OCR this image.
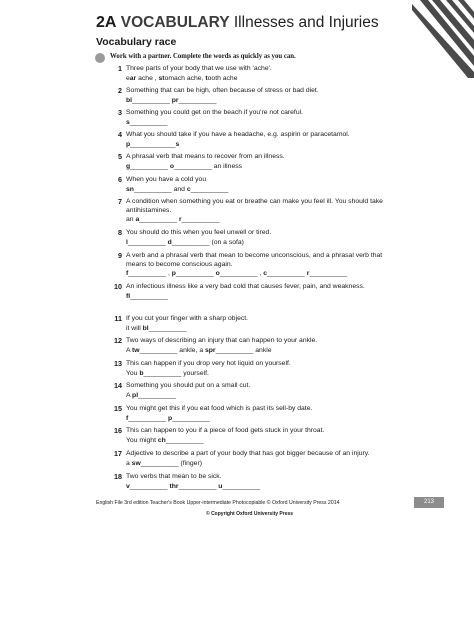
2A VOCABULARY Illnesses and Injuries
Vocabulary race
Work with a partner. Complete the words as quickly as you can.
1 Three parts of your body that we use with 'ache'.
ear ache , stomach ache, tooth ache
2 Something that can be high, often because of stress or bad diet.
bl__________ pr__________
3 Something you could get on the beach if you're not careful.
s__________
4 What you should take if you have a headache, e.g. aspirin or paracetamol.
p____________s
5 A phrasal verb that means to recover from an illness.
g__________ o__________ an illness
6 When you have a cold you
sn__________ and c__________
7 A condition when something you eat or breathe can make you feel ill. You should take antihistamines.
an a__________ r__________
8 You should do this when you feel unwell or tired.
l__________ d__________ (on a sofa)
9 A verb and a phrasal verb that mean to become unconscious, and a phrasal verb that means to become conscious again.
f__________ , p__________ o__________ , c__________ r__________
10 An infectious illness like a very bad cold that causes fever, pain, and weakness.
fl__________
11 If you cut your finger with a sharp object.
it will bl__________
12 Two ways of describing an injury that can happen to your ankle.
A tw__________ ankle, a spr__________ ankle
13 This can happen if you drop very hot liquid on yourself.
You b__________ yourself.
14 Something you should put on a small cut.
A pl__________
15 You might get this if you eat food which is past its sell-by date.
f__________ p__________
16 This can happen to you if a piece of food gets stuck in your throat.
You might ch__________
17 Adjective to describe a part of your body that has got bigger because of an injury.
a sw__________ (finger)
18 Two verbs that mean to be sick.
v__________ thr__________ u__________
English File 3rd edition Teacher's Book Upper-intermediate Photocopiable © Oxford University Press 2014	213
© Copyright Oxford University Press
